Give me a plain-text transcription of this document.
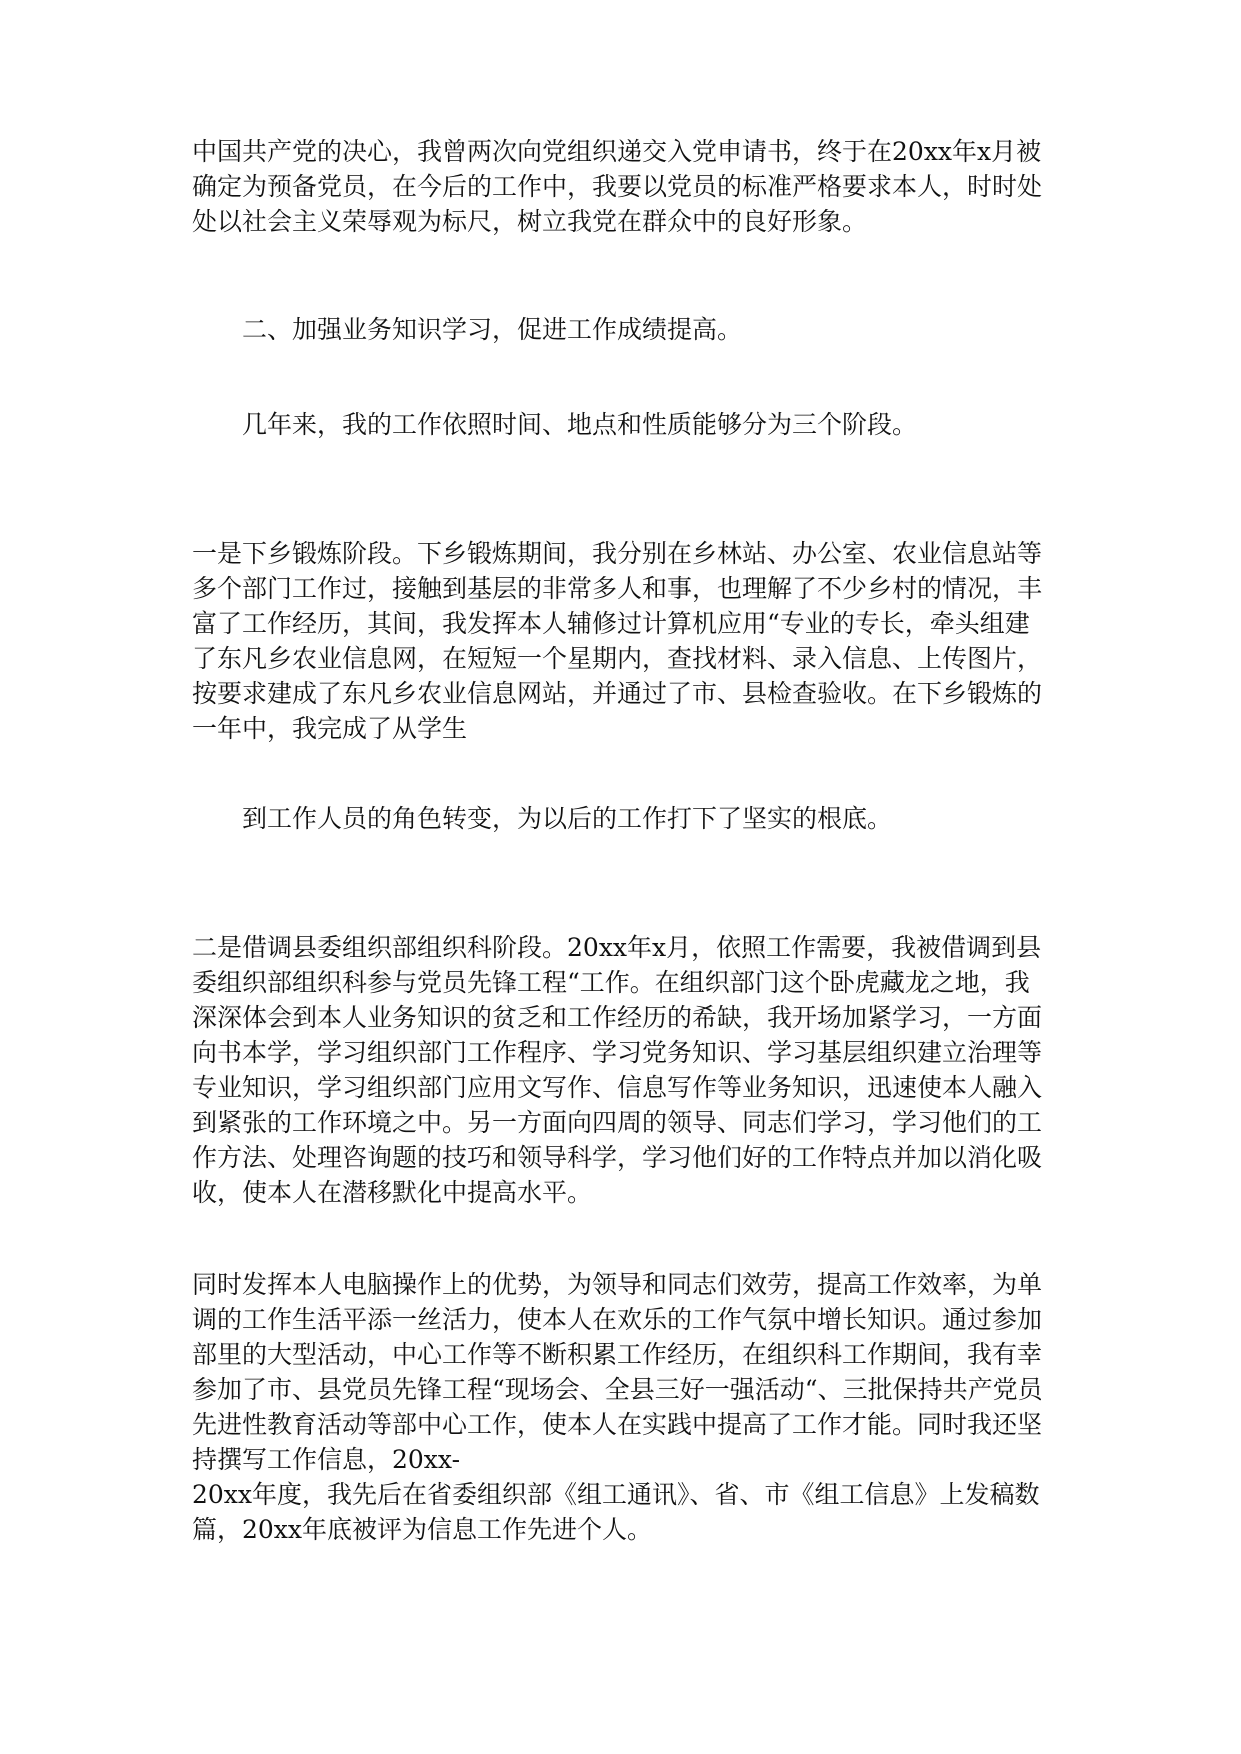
中国共产党的决心，我曾两次向党组织递交入党申请书，终于在20xx年x月被
确定为预备党员，在今后的工作中，我要以党员的标准严格要求本人，时时处
处以社会主义荣辱观为标尺，树立我党在群众中的良好形象。
二、加强业务知识学习，促进工作成绩提高。
几年来，我的工作依照时间、地点和性质能够分为三个阶段。
一是下乡锻炼阶段。下乡锻炼期间，我分别在乡林站、办公室、农业信息站等
多个部门工作过，接触到基层的非常多人和事，也理解了不少乡村的情况，丰
富了工作经历，其间，我发挥本人辅修过计算机应用“专业的专长，牵头组建
了东凡乡农业信息网，在短短一个星期内，查找材料、录入信息、上传图片，
按要求建成了东凡乡农业信息网站，并通过了市、县检查验收。在下乡锻炼的
一年中，我完成了从学生
到工作人员的角色转变，为以后的工作打下了坚实的根底。
二是借调县委组织部组织科阶段。20xx年x月，依照工作需要，我被借调到县
委组织部组织科参与党员先锋工程“工作。在组织部门这个卧虎藏龙之地，我
深深体会到本人业务知识的贫乏和工作经历的希缺，我开场加紧学习，一方面
向书本学，学习组织部门工作程序、学习党务知识、学习基层组织建立治理等
专业知识，学习组织部门应用文写作、信息写作等业务知识，迅速使本人融入
到紧张的工作环境之中。另一方面向四周的领导、同志们学习，学习他们的工
作方法、处理咨询题的技巧和领导科学，学习他们好的工作特点并加以消化吸
收，使本人在潜移默化中提高水平。
同时发挥本人电脑操作上的优势，为领导和同志们效劳，提高工作效率，为单
调的工作生活平添一丝活力，使本人在欢乐的工作气氛中增长知识。通过参加
部里的大型活动，中心工作等不断积累工作经历，在组织科工作期间，我有幸
参加了市、县党员先锋工程“现场会、全县三好一强活动“、三批保持共产党员
先进性教育活动等部中心工作，使本人在实践中提高了工作才能。同时我还坚
持撰写工作信息，20xx-
20xx年度，我先后在省委组织部《组工通讯》、省、市《组工信息》上发稿数
篇，20xx年底被评为信息工作先进个人。
